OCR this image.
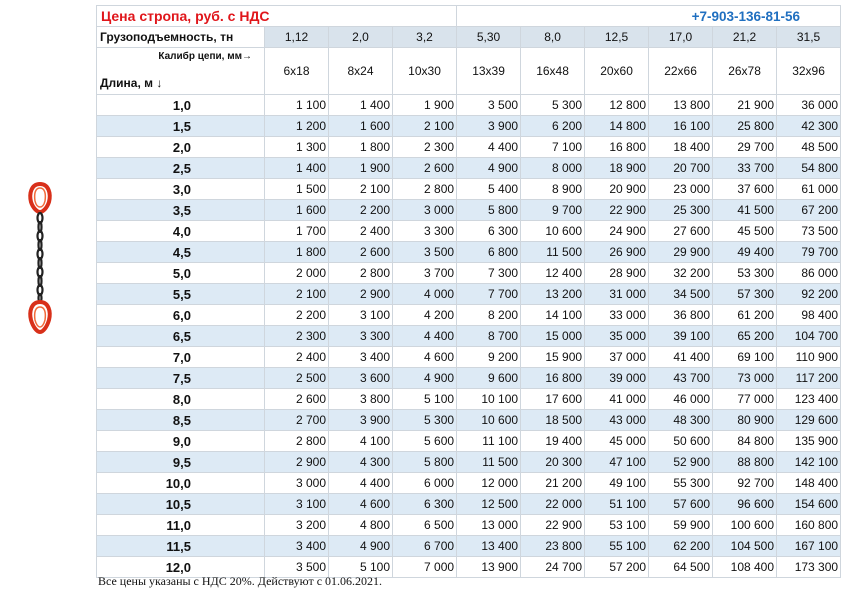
Цена стропа, руб. с НДС				+7-903-136-81-56					
Грузоподъемность, тн	1,12	2,0	3,2	5,30	8,0	12,5	17,0	21,2	31,5

Калибр цепи, мм→
Длина, м ↓	6x18	8x24	10x30	13x39	16x48	20x60	22x66	26x78	32x96
1,0	1 100	1 400	1 900	3 500	5 300	12 800	13 800	21 900	36 000
1,5	1 200	1 600	2 100	3 900	6 200	14 800	16 100	25 800	42 300
2,0	1 300	1 800	2 300	4 400	7 100	16 800	18 400	29 700	48 500
2,5	1 400	1 900	2 600	4 900	8 000	18 900	20 700	33 700	54 800
3,0	1 500	2 100	2 800	5 400	8 900	20 900	23 000	37 600	61 000
3,5	1 600	2 200	3 000	5 800	9 700	22 900	25 300	41 500	67 200
4,0	1 700	2 400	3 300	6 300	10 600	24 900	27 600	45 500	73 500
4,5	1 800	2 600	3 500	6 800	11 500	26 900	29 900	49 400	79 700
5,0	2 000	2 800	3 700	7 300	12 400	28 900	32 200	53 300	86 000
5,5	2 100	2 900	4 000	7 700	13 200	31 000	34 500	57 300	92 200
6,0	2 200	3 100	4 200	8 200	14 100	33 000	36 800	61 200	98 400
6,5	2 300	3 300	4 400	8 700	15 000	35 000	39 100	65 200	104 700
7,0	2 400	3 400	4 600	9 200	15 900	37 000	41 400	69 100	110 900
7,5	2 500	3 600	4 900	9 600	16 800	39 000	43 700	73 000	117 200
8,0	2 600	3 800	5 100	10 100	17 600	41 000	46 000	77 000	123 400
8,5	2 700	3 900	5 300	10 600	18 500	43 000	48 300	80 900	129 600
9,0	2 800	4 100	5 600	11 100	19 400	45 000	50 600	84 800	135 900
9,5	2 900	4 300	5 800	11 500	20 300	47 100	52 900	88 800	142 100
10,0	3 000	4 400	6 000	12 000	21 200	49 100	55 300	92 700	148 400
10,5	3 100	4 600	6 300	12 500	22 000	51 100	57 600	96 600	154 600
11,0	3 200	4 800	6 500	13 000	22 900	53 100	59 900	100 600	160 800
11,5	3 400	4 900	6 700	13 400	23 800	55 100	62 200	104 500	167 100
12,0	3 500	5 100	7 000	13 900	24 700	57 200	64 500	108 400	173 300
Все цены указаны с НДС 20%. Действуют с 01.06.2021.
